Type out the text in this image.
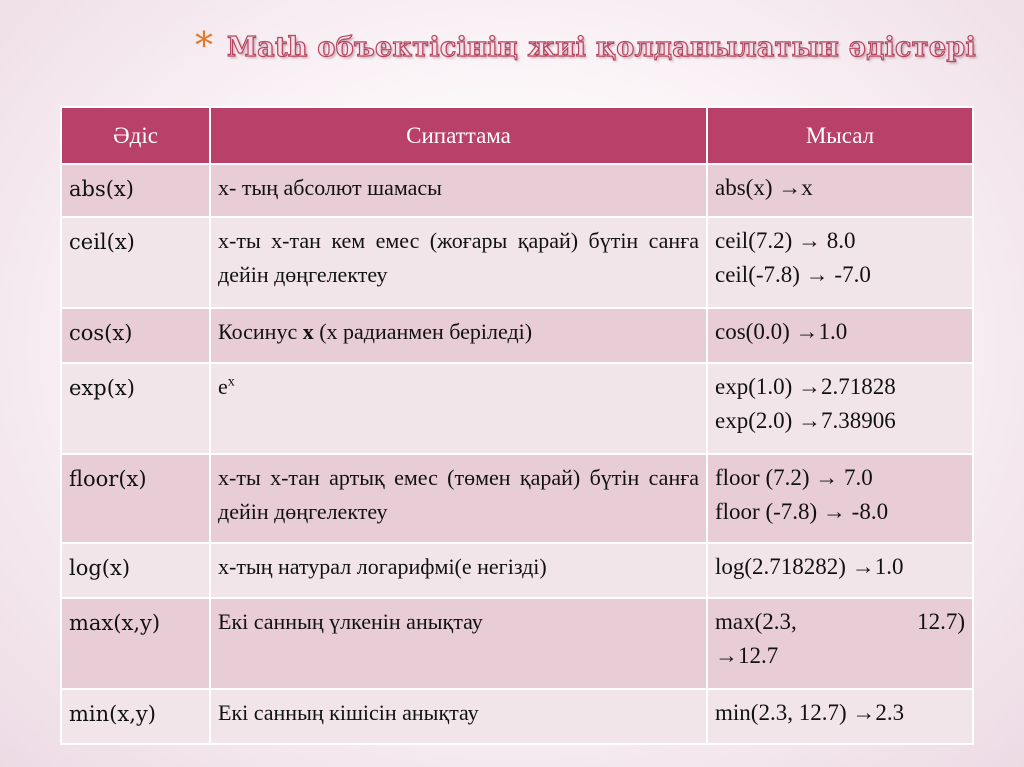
* Math объектісінің жиі қолданылатын әдістері
Әдіс	Сипаттама	Мысал
abs(x)	x- тың абсолют шамасы	abs(x) →x

ceil(x)	x-ты x-тан кем емес (жоғары қарай) бүтін санға дейін дөңгелектеу	ceil(7.2) → 8.0
ceil(-7.8) → -7.0

cos(x)	Косинус x (x радианмен беріледі)	cos(0.0) →1.0

exp(x)	$e^x$	exp(1.0) →2.71828
exp(2.0) →7.38906

floor(x)	x-ты x-тан артық емес (төмен қарай) бүтін санға дейін дөңгелектеу	floor (7.2) → 7.0
floor (-7.8) → -8.0

log(x)	x-тың натурал логарифмі(е негізді)	log(2.718282) →1.0

max(x,y)	Екі санның үлкенін анықтау	max(2.3, 12.7)
→12.7

min(x,y)	Екі санның кішісін анықтау	min(2.3, 12.7) →2.3
